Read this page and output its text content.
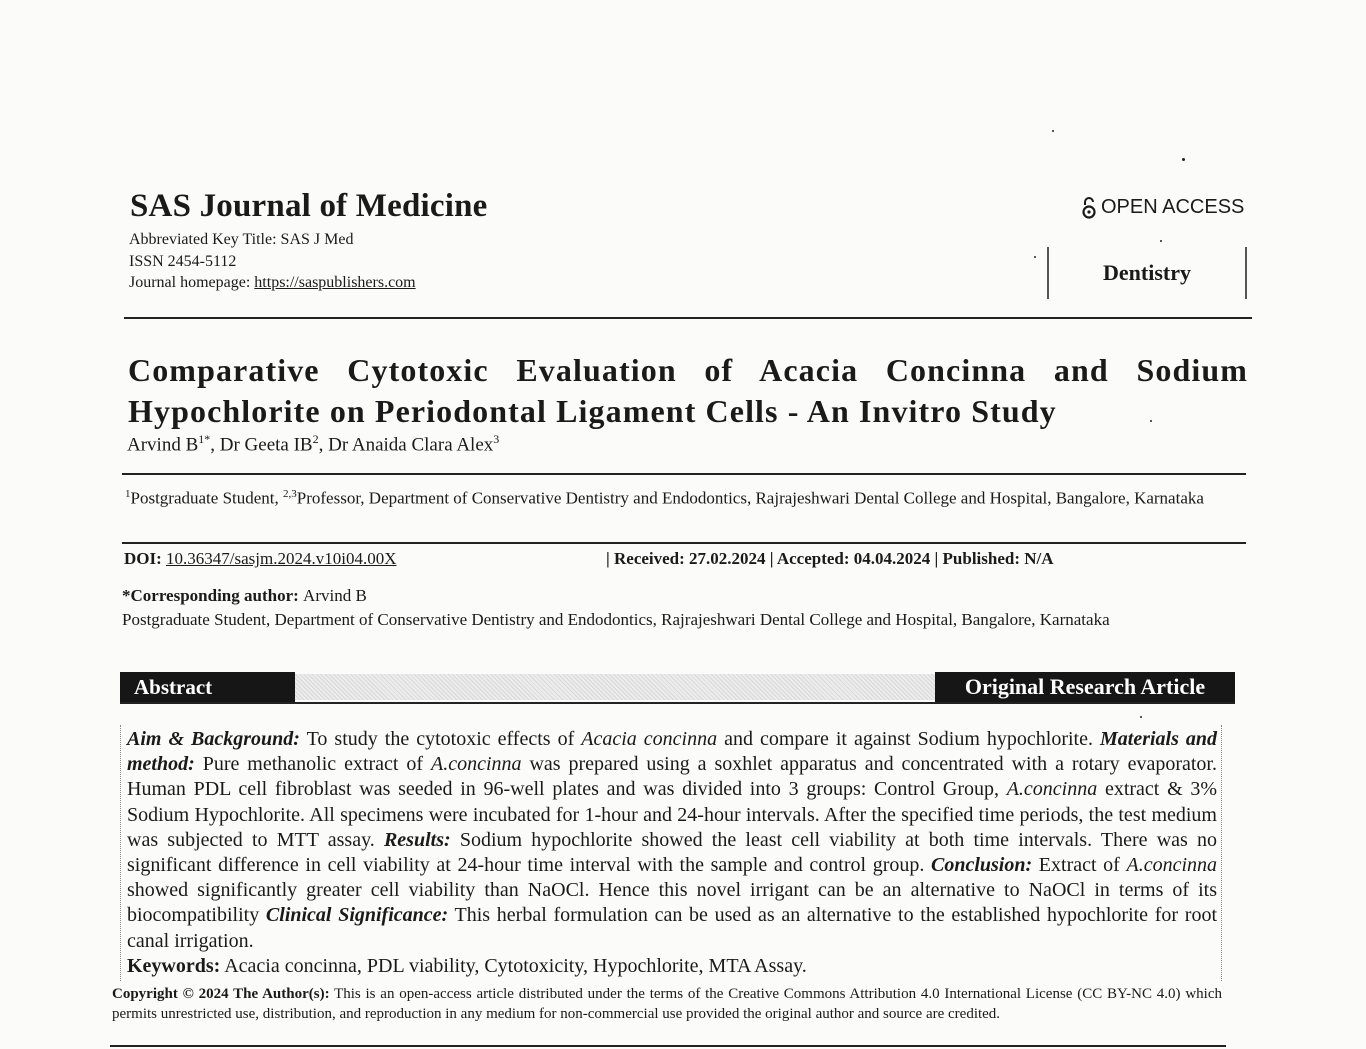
SAS Journal of Medicine
Abbreviated Key Title: SAS J Med
ISSN 2454-5112
Journal homepage: https://saspublishers.com
OPEN ACCESS
Dentistry
Comparative Cytotoxic Evaluation of Acacia Concinna and Sodium Hypochlorite on Periodontal Ligament Cells - An Invitro Study
Arvind $B^{1*}$, Dr Geeta $IB^2$, Dr Anaida Clara Alex$^3$
$^1$Postgraduate Student, $^{2,3}$Professor, Department of Conservative Dentistry and Endodontics, Rajrajeshwari Dental College and Hospital, Bangalore, Karnataka
DOI: 10.36347/sasjm.2024.v10i04.00X	| Received: 27.02.2024 | Accepted: 04.04.2024 | Published: N/A
*Corresponding author: Arvind B
Postgraduate Student, Department of Conservative Dentistry and Endodontics, Rajrajeshwari Dental College and Hospital, Bangalore, Karnataka
Abstract	Original Research Article
Aim & Background: To study the cytotoxic effects of Acacia concinna and compare it against Sodium hypochlorite. Materials and method: Pure methanolic extract of A.concinna was prepared using a soxhlet apparatus and concentrated with a rotary evaporator. Human PDL cell fibroblast was seeded in 96-well plates and was divided into 3 groups: Control Group, A.concinna extract & 3% Sodium Hypochlorite. All specimens were incubated for 1-hour and 24-hour intervals. After the specified time periods, the test medium was subjected to MTT assay. Results: Sodium hypochlorite showed the least cell viability at both time intervals. There was no significant difference in cell viability at 24-hour time interval with the sample and control group. Conclusion: Extract of A.concinna showed significantly greater cell viability than NaOCl. Hence this novel irrigant can be an alternative to NaOCl in terms of its biocompatibility Clinical Significance: This herbal formulation can be used as an alternative to the established hypochlorite for root canal irrigation.
Keywords: Acacia concinna, PDL viability, Cytotoxicity, Hypochlorite, MTA Assay.
Copyright © 2024 The Author(s): This is an open-access article distributed under the terms of the Creative Commons Attribution 4.0 International License (CC BY-NC 4.0) which permits unrestricted use, distribution, and reproduction in any medium for non-commercial use provided the original author and source are credited.
